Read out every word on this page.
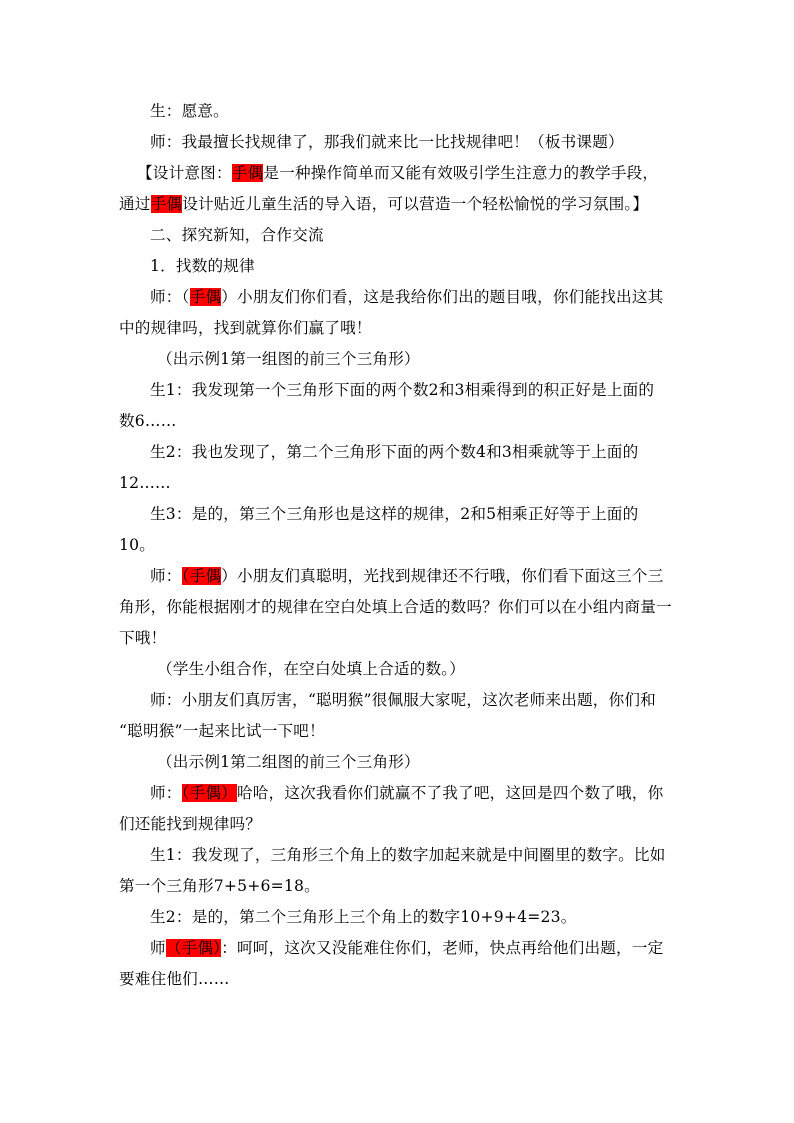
生：愿意。

师：我最擅长找规律了，那我们就来比一比找规律吧！（板书课题）

【设计意图：手偶是一种操作简单而又能有效吸引学生注意力的教学手段，
通过手偶设计贴近儿童生活的导入语，可以营造一个轻松愉悦的学习氛围。】

二、探究新知，合作交流

1．找数的规律

师：（手偶）小朋友们你们看，这是我给你们出的题目哦，你们能找出这其
中的规律吗，找到就算你们赢了哦！

（出示例1第一组图的前三个三角形）

生1：我发现第一个三角形下面的两个数2和3相乘得到的积正好是上面的
数6……

生2：我也发现了，第二个三角形下面的两个数4和3相乘就等于上面的
12……

生3：是的，第三个三角形也是这样的规律，2和5相乘正好等于上面的
10。

师：（手偶）小朋友们真聪明，光找到规律还不行哦，你们看下面这三个三
角形，你能根据刚才的规律在空白处填上合适的数吗？你们可以在小组内商量一
下哦！

（学生小组合作，在空白处填上合适的数。）

师：小朋友们真厉害，“聪明猴”很佩服大家呢，这次老师来出题，你们和
“聪明猴”一起来比试一下吧！

（出示例1第二组图的前三个三角形）

师：（手偶）哈哈，这次我看你们就赢不了我了吧，这回是四个数了哦，你
们还能找到规律吗？

生1：我发现了，三角形三个角上的数字加起来就是中间圈里的数字。比如
第一个三角形7+5+6=18。

生2：是的，第二个三角形上三个角上的数字10+9+4=23。

师（手偶）：呵呵，这次又没能难住你们，老师，快点再给他们出题，一定
要难住他们……
